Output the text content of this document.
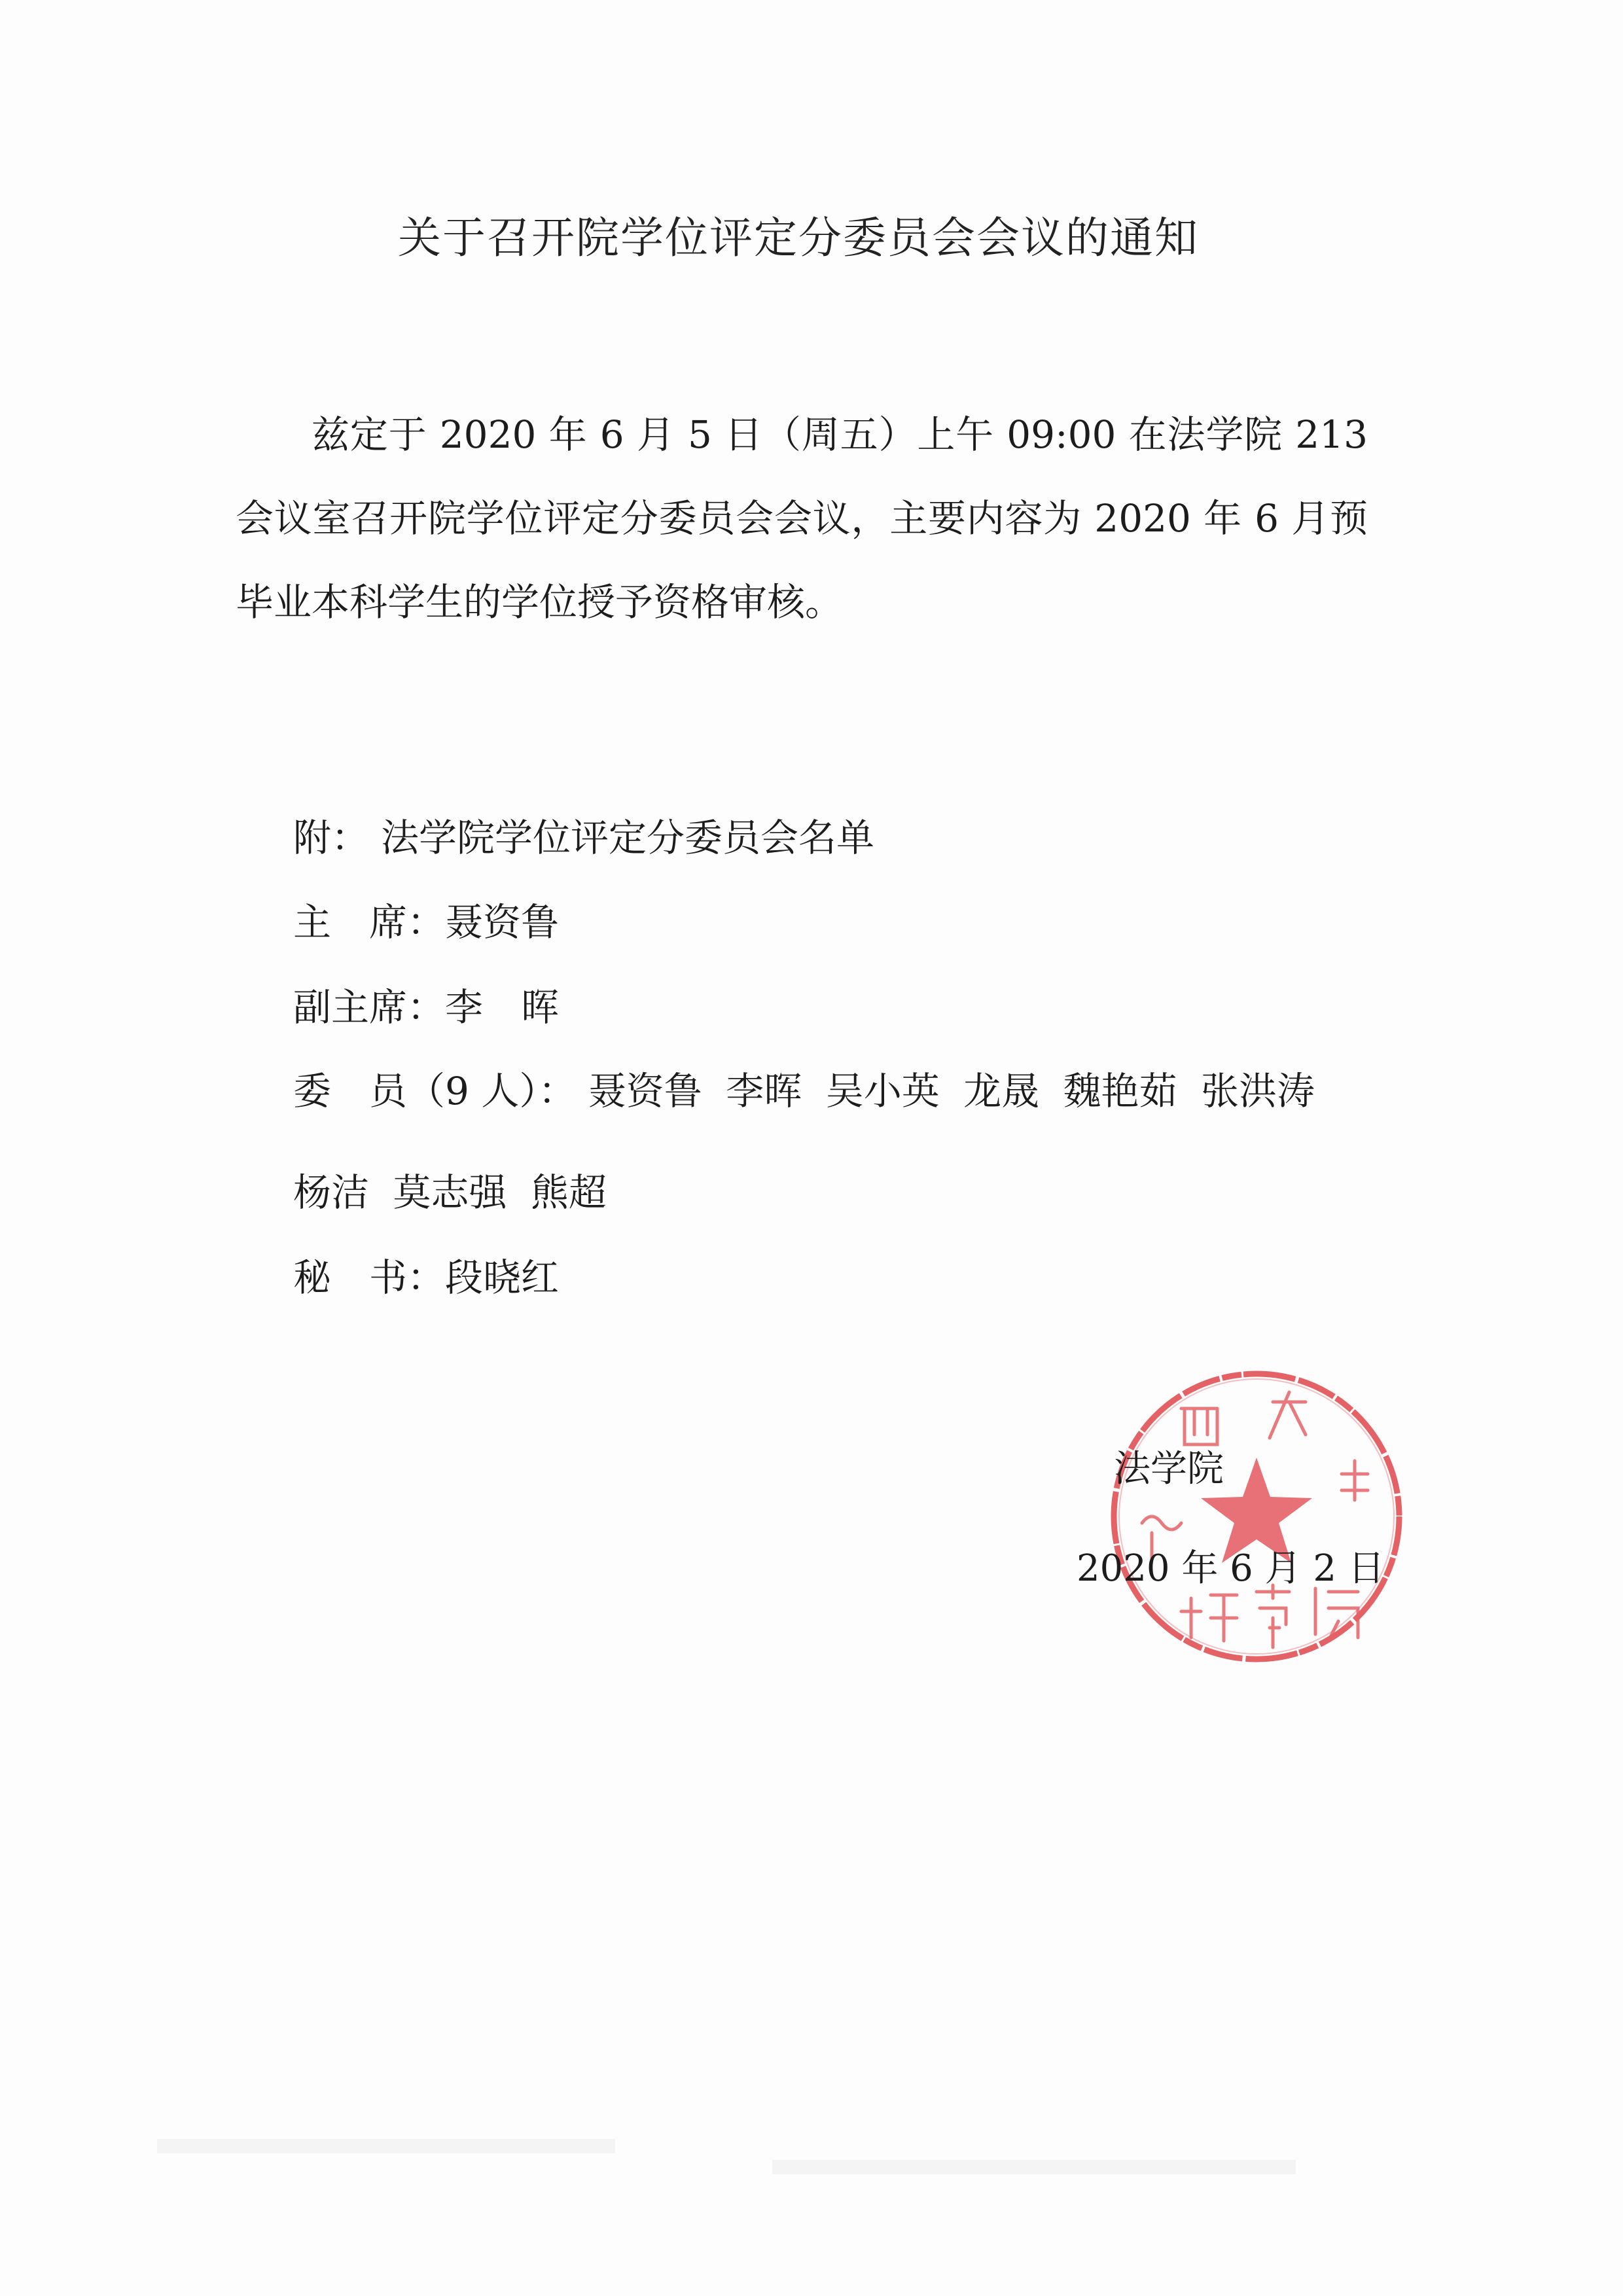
关于召开院学位评定分委员会会议的通知
兹定于 2020 年 6 月 5 日（周五）上午 09:00 在法学院 213 会议室召开院学位评定分委员会会议，主要内容为 2020 年 6 月预毕业本科学生的学位授予资格审核。
附： 法学院学位评定分委员会名单
主　席：聂资鲁
副主席：李　晖
委　员（9 人）： 聂资鲁 李晖 吴小英 龙晟 魏艳茹 张洪涛
杨洁 莫志强 熊超
秘　书：段晓红
法学院
2020 年 6 月 2 日
